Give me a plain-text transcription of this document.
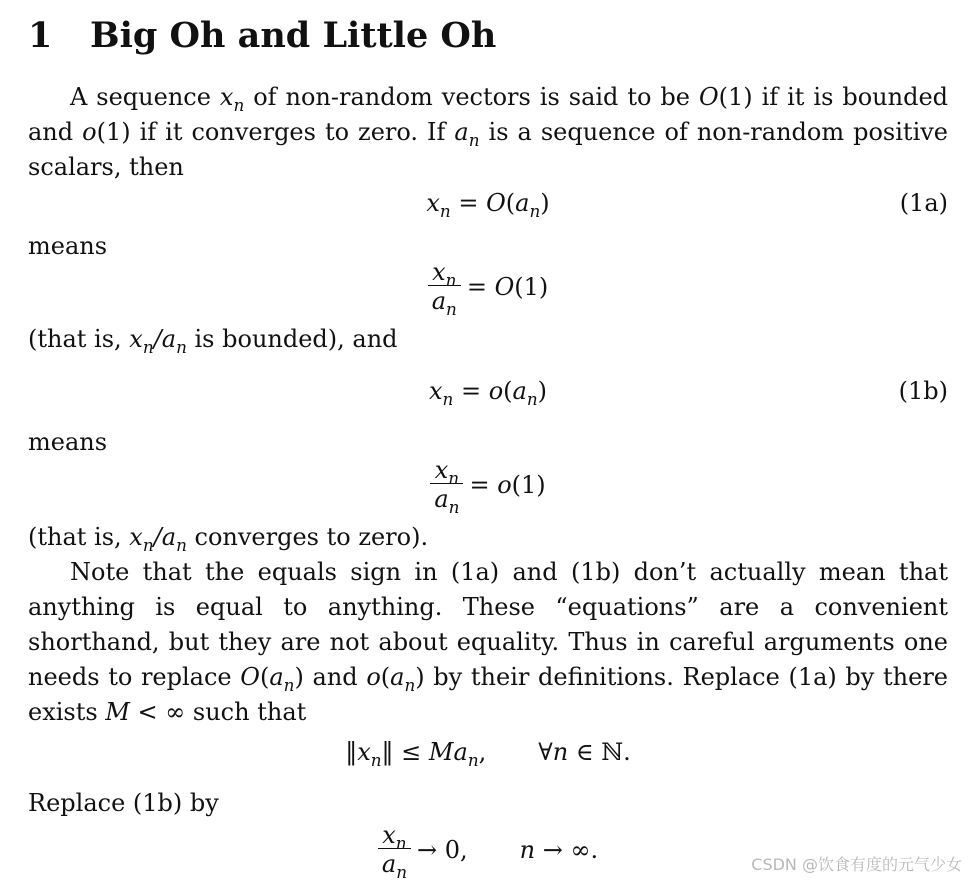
1 Big Oh and Little Oh

A sequence $x_n$ of non-random vectors is said to be O(1) if it is bounded and o(1) if it converges to zero. If $a_n$ is a sequence of non-random positive scalars, then

$x_n = O(a_n)$	(1a)

means

$\frac{x_n}{a_n} = O$ (1)

(that is, $x_n/a_n$ is bounded), and

$x_n = o(a_n)$	(1b)

means

$\frac{x_n}{a_n} = o$ (1)

(that is, $x_n/a_n$ converges to zero).

Note that the equals sign in (1a) and (1b) don’t actually mean that anything is equal to anything. These “equations” are a convenient shorthand, but they are not about equality. Thus in careful arguments one needs to replace $O(a_n)$ and $o(a_n)$ by their definitions. Replace (1a) by there exists M < ∞ such that

$‖x_n‖ \le Ma_n$, ∀n ∈ ℕ.

Replace (1b) by

$\frac{x_n}{a_n} \to 0$, n → ∞.
CSDN @饮食有度的元气少女
